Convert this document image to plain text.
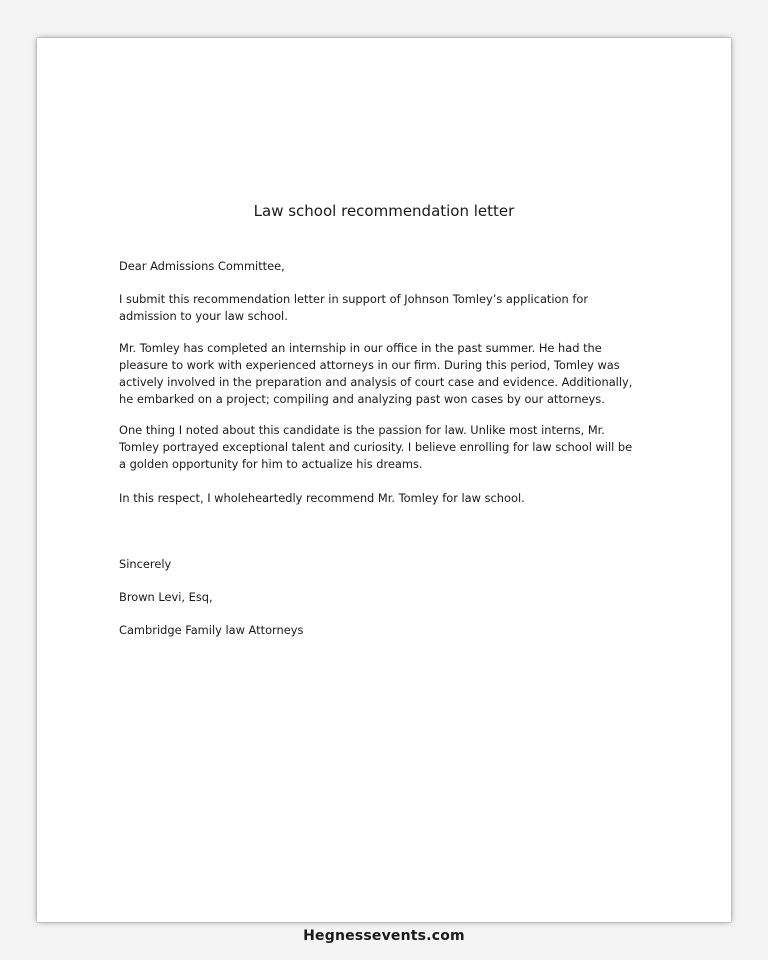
Law school recommendation letter

Dear Admissions Committee,

I submit this recommendation letter in support of Johnson Tomley’s application for admission to your law school.

Mr. Tomley has completed an internship in our office in the past summer. He had the pleasure to work with experienced attorneys in our firm. During this period, Tomley was actively involved in the preparation and analysis of court case and evidence. Additionally, he embarked on a project; compiling and analyzing past won cases by our attorneys.

One thing I noted about this candidate is the passion for law. Unlike most interns, Mr. Tomley portrayed exceptional talent and curiosity. I believe enrolling for law school will be a golden opportunity for him to actualize his dreams.

In this respect, I wholeheartedly recommend Mr. Tomley for law school.

Sincerely

Brown Levi, Esq,

Cambridge Family law Attorneys

Hegnessevents.com
